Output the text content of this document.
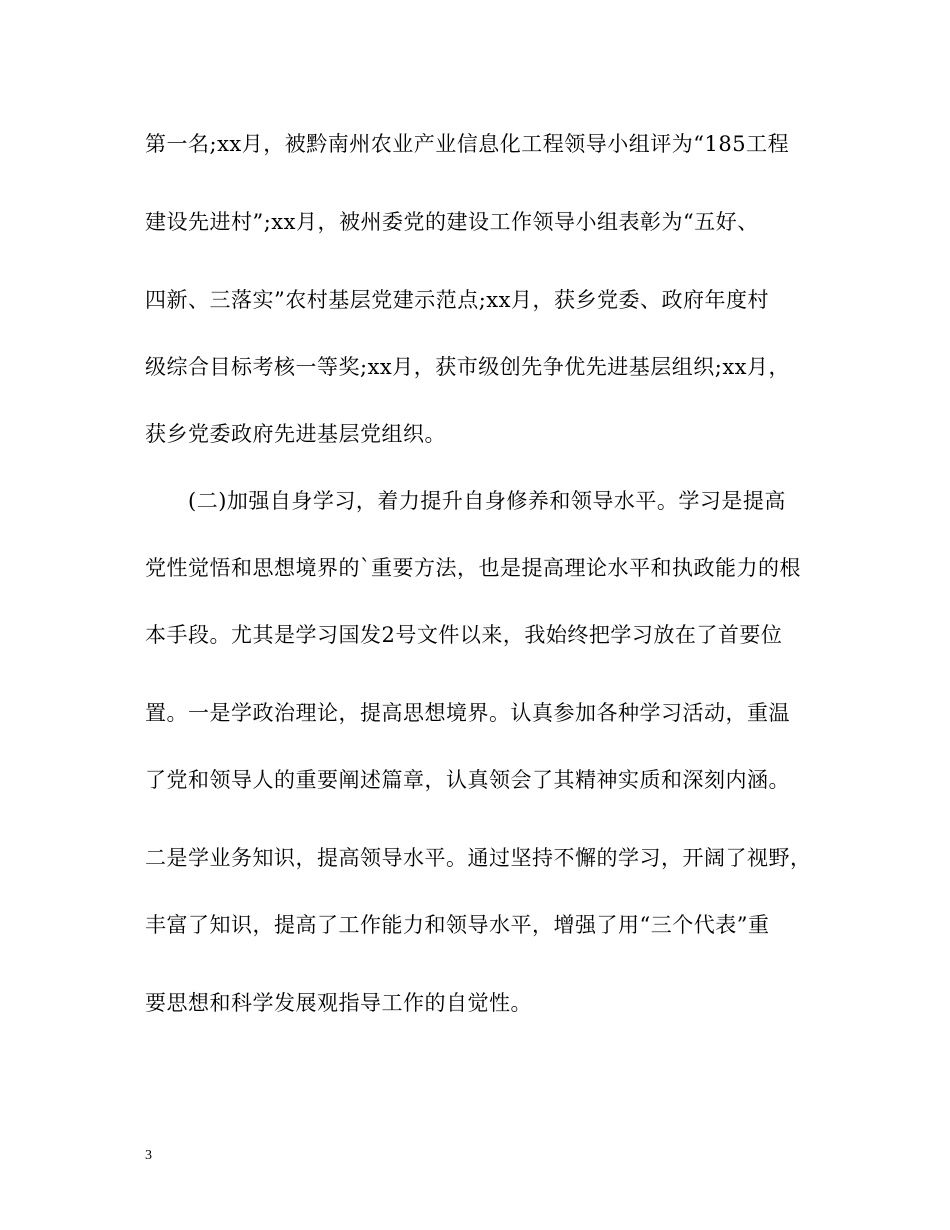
第一名;xx月，被黔南州农业产业信息化工程领导小组评为“185工程
建设先进村”;xx月，被州委党的建设工作领导小组表彰为“五好、
四新、三落实”农村基层党建示范点;xx月，获乡党委、政府年度村
级综合目标考核一等奖;xx月，获市级创先争优先进基层组织;xx月，
获乡党委政府先进基层党组织。
(二)加强自身学习，着力提升自身修养和领导水平。学习是提高
党性觉悟和思想境界的`重要方法，也是提高理论水平和执政能力的根
本手段。尤其是学习国发2号文件以来，我始终把学习放在了首要位
置。一是学政治理论，提高思想境界。认真参加各种学习活动，重温
了党和领导人的重要阐述篇章，认真领会了其精神实质和深刻内涵。
二是学业务知识，提高领导水平。通过坚持不懈的学习，开阔了视野，
丰富了知识，提高了工作能力和领导水平，增强了用“三个代表”重
要思想和科学发展观指导工作的自觉性。
3
